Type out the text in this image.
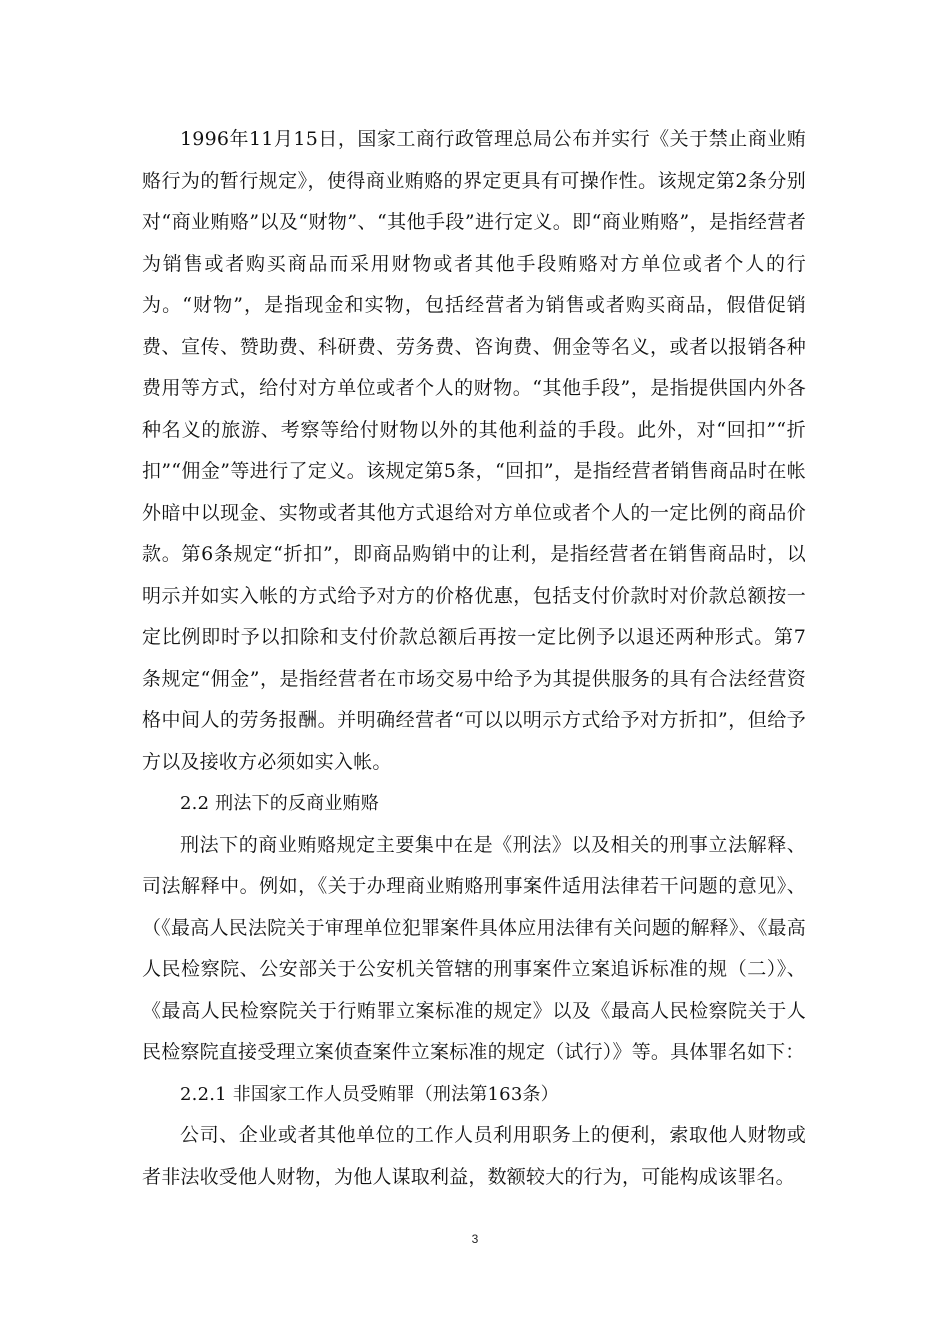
1996年11月15日，国家工商行政管理总局公布并实行《关于禁止商业贿赂行为的暂行规定》，使得商业贿赂的界定更具有可操作性。该规定第2条分别对“商业贿赂”以及“财物”、“其他手段”进行定义。即“商业贿赂”，是指经营者为销售或者购买商品而采用财物或者其他手段贿赂对方单位或者个人的行为。“财物”，是指现金和实物，包括经营者为销售或者购买商品，假借促销费、宣传、赞助费、科研费、劳务费、咨询费、佣金等名义，或者以报销各种费用等方式，给付对方单位或者个人的财物。“其他手段”，是指提供国内外各种名义的旅游、考察等给付财物以外的其他利益的手段。此外，对“回扣”“折扣”“佣金”等进行了定义。该规定第5条，“回扣”，是指经营者销售商品时在帐外暗中以现金、实物或者其他方式退给对方单位或者个人的一定比例的商品价款。第6条规定“折扣”，即商品购销中的让利，是指经营者在销售商品时，以明示并如实入帐的方式给予对方的价格优惠，包括支付价款时对价款总额按一定比例即时予以扣除和支付价款总额后再按一定比例予以退还两种形式。第7条规定“佣金”，是指经营者在市场交易中给予为其提供服务的具有合法经营资格中间人的劳务报酬。并明确经营者“可以以明示方式给予对方折扣”，但给予方以及接收方必须如实入帐。

2.2 刑法下的反商业贿赂

刑法下的商业贿赂规定主要集中在是《刑法》以及相关的刑事立法解释、司法解释中。例如，《关于办理商业贿赂刑事案件适用法律若干问题的意见》、（《最高人民法院关于审理单位犯罪案件具体应用法律有关问题的解释》、《最高人民检察院、公安部关于公安机关管辖的刑事案件立案追诉标准的规（二）》、《最高人民检察院关于行贿罪立案标准的规定》以及《最高人民检察院关于人民检察院直接受理立案侦查案件立案标准的规定（试行）》等。具体罪名如下：

2.2.1 非国家工作人员受贿罪（刑法第163条）

公司、企业或者其他单位的工作人员利用职务上的便利，索取他人财物或者非法收受他人财物，为他人谋取利益，数额较大的行为，可能构成该罪名。

3
